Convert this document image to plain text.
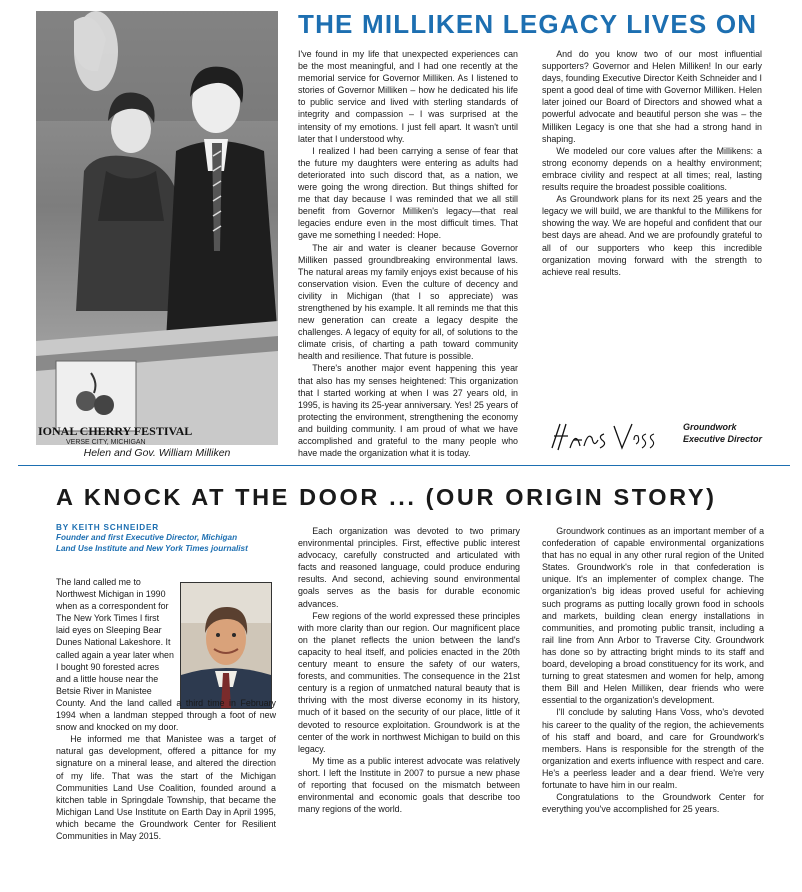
IONAL CHERRY FESTIVAL
VERSE CITY, MICHIGAN
Helen and Gov. William Milliken
THE MILLIKEN LEGACY LIVES ON

I've found in my life that unexpected experiences can be the most meaningful, and I had one recently at the memorial service for Governor Milliken. As I listened to stories of Governor Milliken – how he dedicated his life to public service and lived with sterling standards of integrity and compassion – I was surprised at the intensity of my emotions. I just fell apart. It wasn't until later that I understood why.

I realized I had been carrying a sense of fear that the future my daughters were entering as adults had deteriorated into such discord that, as a nation, we were going the wrong direction. But things shifted for me that day because I was reminded that we all still benefit from Governor Milliken's legacy—that real legacies endure even in the most difficult times. That gave me something I needed: Hope.

The air and water is cleaner because Governor Milliken passed groundbreaking environmental laws. The natural areas my family enjoys exist because of his conservation vision. Even the culture of decency and civility in Michigan (that I so appreciate) was strengthened by his example. It all reminds me that this new generation can create a legacy despite the challenges. A legacy of equity for all, of solutions to the climate crisis, of charting a path toward community health and resilience. That future is possible.

There's another major event happening this year that also has my senses heightened: This organization that I started working at when I was 27 years old, in 1995, is having its 25-year anniversary. Yes! 25 years of protecting the environment, strengthening the economy and building community. I am proud of what we have accomplished and grateful to the many people who have made the organization what it is today.

And do you know two of our most influential supporters? Governor and Helen Milliken! In our early days, founding Executive Director Keith Schneider and I spent a good deal of time with Governor Milliken. Helen later joined our Board of Directors and showed what a powerful advocate and beautiful person she was – the Milliken Legacy is one that she had a strong hand in shaping.

We modeled our core values after the Millikens: a strong economy depends on a healthy environment; embrace civility and respect at all times; real, lasting results require the broadest possible coalitions.

As Groundwork plans for its next 25 years and the legacy we will build, we are thankful to the Millikens for showing the way. We are hopeful and confident that our best days are ahead. And we are profoundly grateful to all of our supporters who keep this incredible organization moving forward with the strength to achieve real results.

Groundwork
Executive Director
A KNOCK AT THE DOOR ... (OUR ORIGIN STORY)
BY KEITH SCHNEIDER
Founder and first Executive Director, Michigan Land Use Institute and New York Times journalist

The land called me to Northwest Michigan in 1990 when as a correspondent for The New York Times I first laid eyes on Sleeping Bear Dunes National Lakeshore. It called again a year later when I bought 90 forested acres and a little house near the Betsie River in Manistee

County. And the land called a third time in February 1994 when a landman stepped through a foot of new snow and knocked on my door.

He informed me that Manistee was a target of natural gas development, offered a pittance for my signature on a mineral lease, and altered the direction of my life. That was the start of the Michigan Communities Land Use Coalition, founded around a kitchen table in Springdale Township, that became the Michigan Land Use Institute on Earth Day in April 1995, which became the Groundwork Center for Resilient Communities in May 2015.

Each organization was devoted to two primary environmental principles. First, effective public interest advocacy, carefully constructed and articulated with facts and reasoned language, could produce enduring results. And second, achieving sound environmental goals serves as the basis for durable economic advances.

Few regions of the world expressed these principles with more clarity than our region. Our magnificent place on the planet reflects the union between the land's capacity to heal itself, and policies enacted in the 20th century meant to ensure the safety of our waters, forests, and communities. The consequence in the 21st century is a region of unmatched natural beauty that is thriving with the most diverse economy in its history, much of it based on the security of our place, little of it devoted to resource exploitation. Groundwork is at the center of the work in northwest Michigan to build on this legacy.

My time as a public interest advocate was relatively short. I left the Institute in 2007 to pursue a new phase of reporting that focused on the mismatch between environmental and economic goals that describe too many regions of the world.

Groundwork continues as an important member of a confederation of capable environmental organizations that has no equal in any other rural region of the United States. Groundwork's role in that confederation is unique. It's an implementer of complex change. The organization's big ideas proved useful for achieving such programs as putting locally grown food in schools and markets, building clean energy installations in communities, and promoting public transit, including a rail line from Ann Arbor to Traverse City. Groundwork has done so by attracting bright minds to its staff and board, developing a broad constituency for its work, and turning to great statesmen and women for help, among them Bill and Helen Milliken, dear friends who were essential to the organization's development.

I'll conclude by saluting Hans Voss, who's devoted his career to the quality of the region, the achievements of his staff and board, and care for Groundwork's members. Hans is responsible for the strength of the organization and exerts influence with respect and care. He's a peerless leader and a dear friend. We're very fortunate to have him in our realm.

Congratulations to the Groundwork Center for everything you've accomplished for 25 years.
